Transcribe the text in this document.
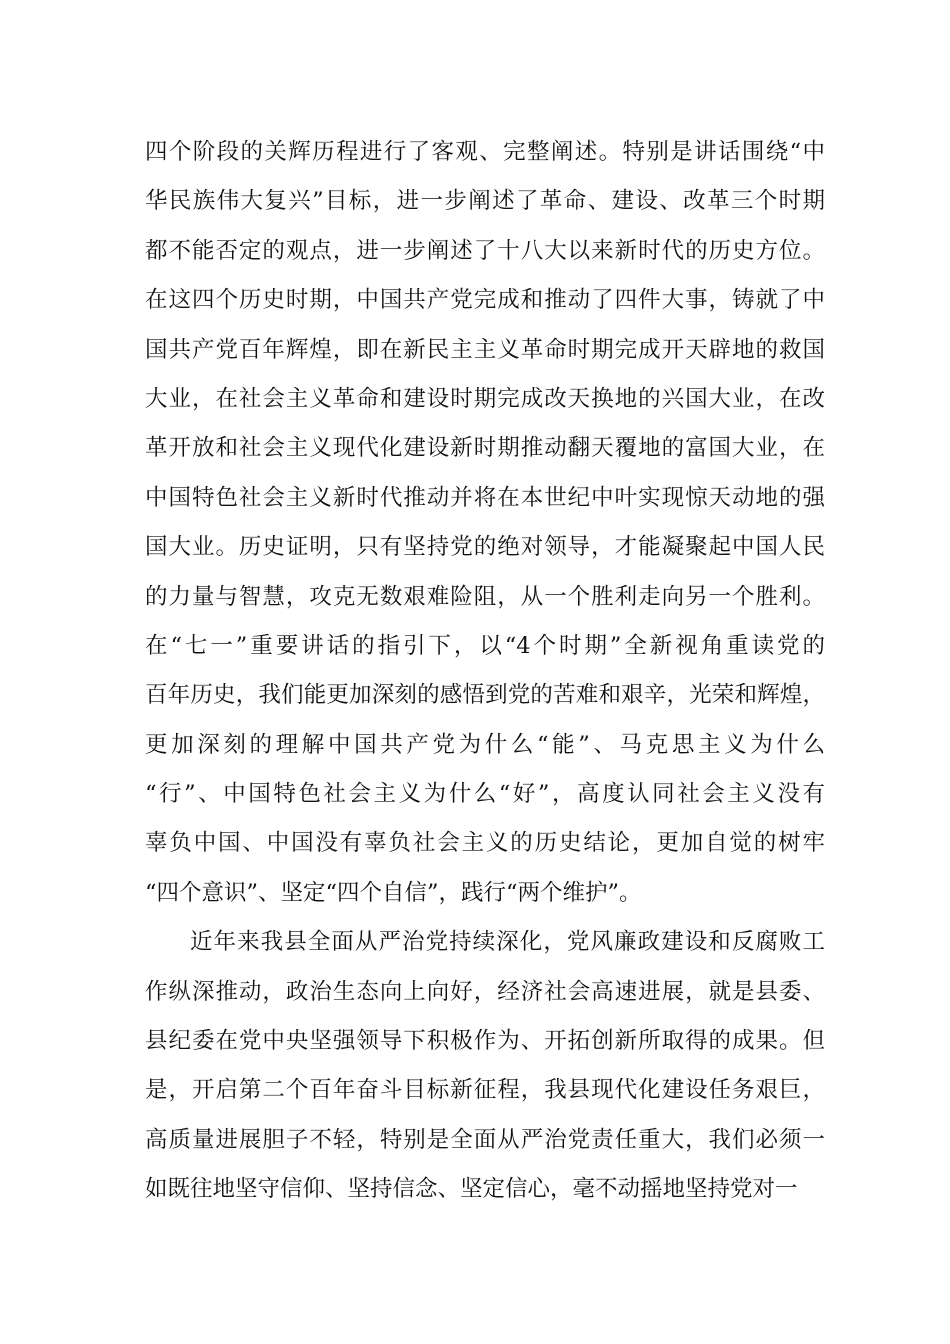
四个阶段的关辉历程进行了客观、完整阐述。特别是讲话围绕“中
华民族伟大复兴”目标，进一步阐述了革命、建设、改革三个时期
都不能否定的观点，进一步阐述了十八大以来新时代的历史方位。
在这四个历史时期，中国共产党完成和推动了四件大事，铸就了中
国共产党百年辉煌，即在新民主主义革命时期完成开天辟地的救国
大业，在社会主义革命和建设时期完成改天换地的兴国大业，在改
革开放和社会主义现代化建设新时期推动翻天覆地的富国大业，在
中国特色社会主义新时代推动并将在本世纪中叶实现惊天动地的强
国大业。历史证明，只有坚持党的绝对领导，才能凝聚起中国人民
的力量与智慧，攻克无数艰难险阻，从一个胜利走向另一个胜利。
在“七一”重要讲话的指引下，以“4个时期”全新视角重读党的
百年历史，我们能更加深刻的感悟到党的苦难和艰辛，光荣和辉煌，
更加深刻的理解中国共产党为什么“能”、马克思主义为什么
“行”、中国特色社会主义为什么“好”，高度认同社会主义没有
辜负中国、中国没有辜负社会主义的历史结论，更加自觉的树牢
“四个意识”、坚定“四个自信”，践行“两个维护”。
近年来我县全面从严治党持续深化，党风廉政建设和反腐败工
作纵深推动，政治生态向上向好，经济社会高速进展，就是县委、
县纪委在党中央坚强领导下积极作为、开拓创新所取得的成果。但
是，开启第二个百年奋斗目标新征程，我县现代化建设任务艰巨，
高质量进展胆子不轻，特别是全面从严治党责任重大，我们必须一
如既往地坚守信仰、坚持信念、坚定信心，毫不动摇地坚持党对一
